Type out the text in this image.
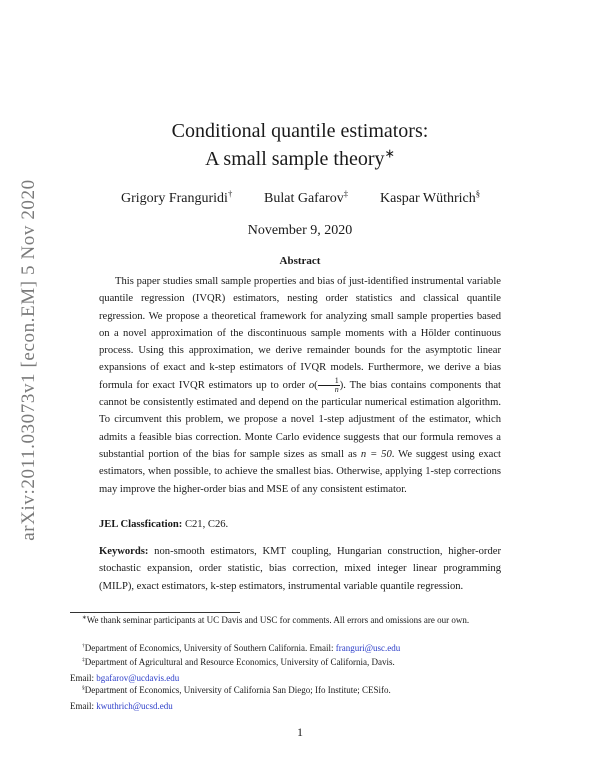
arXiv:2011.03073v1 [econ.EM] 5 Nov 2020
Conditional quantile estimators:
A small sample theory∗
Grigory Franguridi† Bulat Gafarov‡ Kaspar Wüthrich§
November 9, 2020
Abstract

This paper studies small sample properties and bias of just-identified instrumental variable quantile regression (IVQR) estimators, nesting order statistics and classical quantile regression. We propose a theoretical framework for analyzing small sample properties based on a novel approximation of the discontinuous sample moments with a Hölder continuous process. Using this approximation, we derive remainder bounds for the asymptotic linear expansions of exact and k-step estimators of IVQR models. Furthermore, we derive a bias formula for exact IVQR estimators up to order $o( \frac{1}{n}$ ). The bias contains components that cannot be consistently estimated and depend on the particular numerical estimation algorithm. To circumvent this problem, we propose a novel 1-step adjustment of the estimator, which admits a feasible bias correction. Monte Carlo evidence suggests that our formula removes a substantial portion of the bias for sample sizes as small as n = 50. We suggest using exact estimators, when possible, to achieve the smallest bias. Otherwise, applying 1-step corrections may improve the higher-order bias and MSE of any consistent estimator.

JEL Classfication: C21, C26.
Keywords: non-smooth estimators, KMT coupling, Hungarian construction, higher-order stochastic expansion, order statistic, bias correction, mixed integer linear programming (MILP), exact estimators, k-step estimators, instrumental variable quantile regression.
∗We thank seminar participants at UC Davis and USC for comments. All errors and omissions are our own.
†Department of Economics, University of Southern California. Email: franguri@usc.edu
‡Department of Agricultural and Resource Economics, University of California, Davis.
Email: bgafarov@ucdavis.edu
§Department of Economics, University of California San Diego; Ifo Institute; CESifo.
Email: kwuthrich@ucsd.edu
1
